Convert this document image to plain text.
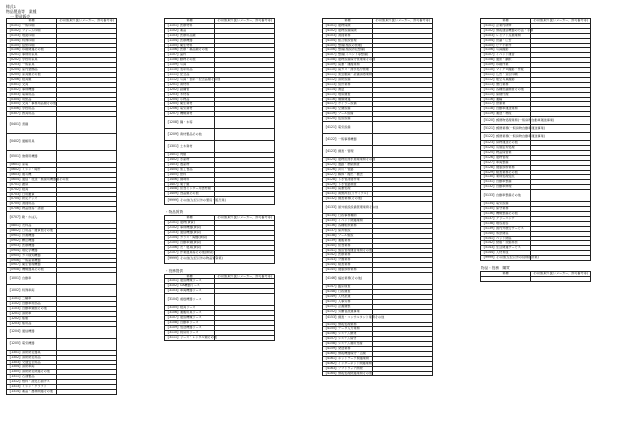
様式1
物品製造等　業種
一 製造販売
業種	その他(取り扱いメーカー、許可番号等)
【0101】一般印刷	
【0102】フォーム印刷	
【0103】地図印刷	
【0104】特殊印刷	
【0105】証紙印刷	
【0106】印刷関連その他	
【0201】事務用家具	
【0202】学校用家具	
【0203】一般家具	
【0204】室内装飾品	
【0205】家具類その他	
【0206】寝具類	
【0301】文具	
【0302】事務機器	
【0303】電算用品	
【0304】用紙品	
【0305】文具・事務用品類その他	
【0306】学校用品	
【0307】教具用品	
【0401】書籍	
【0402】通帳用具	
【0501】旅費用機器	
【0601】家電	
【0602】ミシン・時計	
【0603】複写機	
【0604】通信・放送・無線用機器類その他	
【0701】雑貨	
【0702】寝具	
【0703】日用雑貨	
【0704】防災グッズ	
【0705】清掃用品	
【0706】物品他等・清掃	
【0707】靴・かばん	
【0801】衣料品	
【0802】日用品・雑貨他その他	
【0901】計測機器	
【0902】精密機器	
【0903】医療機器	
【0904】理化学機器	
【0905】ガス検知機器	
【0906】一般産業機器	
【0907】衛生管理機器	
【0908】機械器具その他	
【1001】自動車	
【1002】特殊車両	
【1101】二輪車	
【1102】自動車用部品	
【1103】自動車類他その他	
【1201】消防車	
【1202】船舶	
【1203】船用品	
【1204】通信機器	
【1205】電気機器	
【1301】消防防災器具	
【1302】消防防災用品	
【1303】交通安全用品	
【1304】消防車両	
【1305】消防防災関連その他	
【1311】石油製品	
【1312】燃料・液化石油ガス	
【1313】ミシン・クラフト	
【1314】薬品・農林関連その他	
業種	その他(取り扱いメーカー、許可番号等)
【1101】医療材料	
【1102】薬品	
【1103】医療用品類	
【1104】医療機器	
【1105】衛生材料	
【1106】医療・薬品類その他	
【1107】歯科	
【1108】動物その他	
【1109】写真	
【1110】表彰用品	
【1111】記念品	
【1112】写真・表彰・記念品類その他	
【1201】資材料	
【1202】鉄鋼管	
【1203】木材等	
【1204】小物品	
【1205】衛生資材	
【1206】電気資材	
【1207】機械資材	
【1208】鋼・木等	
【1209】資材製品その他	
【1301】土木資材	
【1401】肉類	
【1402】水産物	
【1403】農産物	
【1404】加工食品	
【1405】飲料	
【1406】調味料	
【1407】菓子類	
【1408】給食センター用食材類	
【1409】食品類その他	
【9999】その他(左記以外の製造・販売業)	
・物品賃貸
業種	その他(取り扱いメーカー、許可番号等)
【2101】建物(賃貸)	
【2102】事務機器(賃貸)	
【2103】通信機器(賃貸)	
【2104】ガラス・陶器(賃貸)	
【2105】自動車類(賃貸)	
【2106】衣・寝具(賃貸)	
【2107】作業道具等その他(賃貸)	
【9999】その他(左記以外の物品賃貸業)	
・役務提供
業種	その他(取り扱いメーカー、許可番号等)
【3101】建設機械リース	
【3102】OA機器リース	
【3103】車両機器リース	
【3104】複数機器リース	
【3105】寝具リース	
【3106】運搬用具リース	
【3107】建設機械リース	
【3108】自動車リース	
【3109】放送機器リース	
【3110】厨房用リース	
【3111】リース・レンタル類その他	
業種	その他(取り扱いメーカー、許可番号等)
【4101】建物保険	
【4102】建物設備保険	
【4103】清掃業務	
【4104】総合施設管理	
【4105】警備(施設の管理)	
【4106】警備(施設防犯警備)	
【4107】警備(イベント等警備)	
【4108】建物設備保守管理業その他	
【4109】廃棄・運搬業務	
【4110】廃ガス・排水処分管理	
【4111】害虫駆除・殺菌消毒業務	
【4112】消防設備	
【4113】設計業務	
【4114】測量	
【4115】地質調査	
【4116】補償関連	
【4117】ボイラー設備	
【4118】空調設備	
【4119】プール設備	
【4120】仮設設備	
【4121】電気設備	
【4122】一般事務機器	
【4123】調査・管理	
【4124】建物給排水環境業務その他	
【4125】道路・橋梁調査	
【4126】河川・管路	
【4127】解体・搬出・撤去	
【4128】下水管清掃作業	
【4129】下水管路調査	
【4130】廃棄処理	
【4131】資源再生(リサイクル)	
【4132】調査業務(その他)	
【4133】屋外施設設備管理業務その他	
【4134】行政事務補助	
【4135】イベント関連業務	
【4136】各種相談業務	
【4137】保育施設	
【4138】プール施設	
【4139】運搬業務	
【4140】給食業務	
【4141】施設管理運営業務その他	
【4142】医療業務	
【4143】介護業務	
【4144】検査業務	
【4145】健康診断業務	
【4146】福祉業務(その他)	
【4147】臨床検査	
【4148】行政調査	
【4149】人材派遣	
【4150】人事労務	
【4151】企画調整	
【4152】労働者派遣事業	
【4153】調査・コンサルタント業務その他	
【4154】情報処理業務	
【4155】データ入力業務	
【4156】システム開発	
【4157】システム保守	
【4158】システム運用支援	
【4159】発送業務	
【4160】情報機器保守・点検	
【4161】ネットワーク関連業務	
【4162】インターネット関連業務	
【4163】ソフトウェア開発	
【4164】情報処理関連業務その他	
業種	その他(取り扱いメーカー、許可番号等)
【5101】企業内研修	
【5102】情報通信機器の方法・手順	
【5103】レセプト点検業務	
【5104】世論・広告	
【5105】ビデオ制作	
【5106】写真撮影	
【5107】イベント運営	
【5108】通訳・翻訳	
【5109】印刷作業	
【5110】マイクロ撮影・作成	
【5111】広告・宣伝印刷	
【5112】航空写真撮影	
【5113】旅行業務	
【5114】各種世論調査その他	
【5115】保険代理	
【5116】運輸	
【5117】倉庫業	
【5118】自動車運送業務	
【5119】運送・物流	
【5120】郵便物処理業務(一般貨物自動車運送事業)	
【5121】郵便業務(一般貨物自動車運送事業)	
【5122】郵便業務(一般貨物自動車運送事業)	
【5123】貨物運送その他	
【5124】有価証券処理	
【5125】物品保管業	
【5126】建物管理	
【5127】車両整備	
【5128】健康診断業務	
【5129】検査業務その他	
【5130】業務処理受託	
【5131】自動車整備	
【5132】自動車修理	
【5133】自動車整備その他	
【5134】電気設備	
【5135】保守業務	
【5136】機械整備その他	
【5137】クリーニング	
【5138】理容美容	
【5139】国内外旅行サービス	
【5140】葬祭関係	
【5141】ペット関係	
【5142】結婚・冠婚葬祭	
【5143】生活関連サービス	
【5144】人材育成	
【9999】その他(左記以外の役務提供業)	
物品・役務　購買
業種	その他(取り扱いメーカー、許可番号等)
